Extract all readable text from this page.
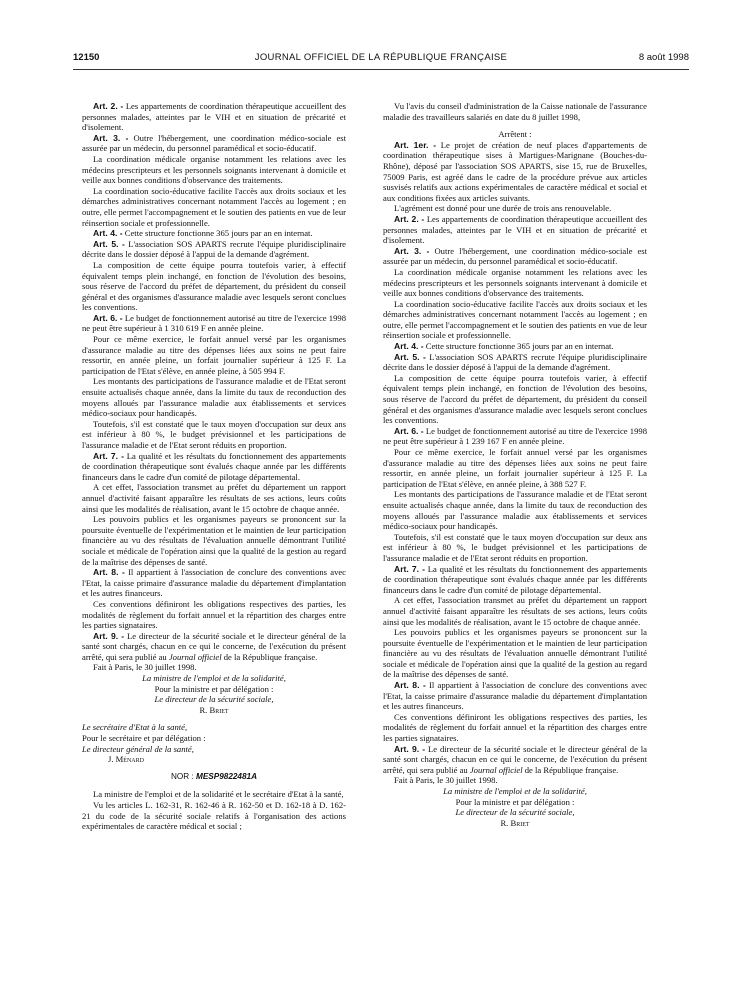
12150	JOURNAL OFFICIEL DE LA RÉPUBLIQUE FRANÇAISE	8 août 1998

Art. 2. - Les appartements de coordination thérapeutique accueillent des personnes malades, atteintes par le VIH et en situation de précarité et d'isolement.

Art. 3. - Outre l'hébergement, une coordination médico-sociale est assurée par un médecin, du personnel paramédical et socio-éducatif.

La coordination médicale organise notamment les relations avec les médecins prescripteurs et les personnels soignants intervenant à domicile et veille aux bonnes conditions d'observance des traitements.

La coordination socio-éducative facilite l'accès aux droits sociaux et les démarches administratives concernant notamment l'accès au logement ; en outre, elle permet l'accompagnement et le soutien des patients en vue de leur réinsertion sociale et professionnelle.

Art. 4. - Cette structure fonctionne 365 jours par an en internat.

Art. 5. - L'association SOS APARTS recrute l'équipe pluridisciplinaire décrite dans le dossier déposé à l'appui de la demande d'agrément.

La composition de cette équipe pourra toutefois varier, à effectif équivalent temps plein inchangé, en fonction de l'évolution des besoins, sous réserve de l'accord du préfet de département, du président du conseil général et des organismes d'assurance maladie avec lesquels seront conclues les conventions.

Art. 6. - Le budget de fonctionnement autorisé au titre de l'exercice 1998 ne peut être supérieur à 1 310 619 F en année pleine.

Pour ce même exercice, le forfait annuel versé par les organismes d'assurance maladie au titre des dépenses liées aux soins ne peut faire ressortir, en année pleine, un forfait journalier supérieur à 125 F. La participation de l'Etat s'élève, en année pleine, à 505 994 F.

Les montants des participations de l'assurance maladie et de l'Etat seront ensuite actualisés chaque année, dans la limite du taux de reconduction des moyens alloués par l'assurance maladie aux établissements et services médico-sociaux pour handicapés.

Toutefois, s'il est constaté que le taux moyen d'occupation sur deux ans est inférieur à 80 %, le budget prévisionnel et les participations de l'assurance maladie et de l'Etat seront réduits en proportion.

Art. 7. - La qualité et les résultats du fonctionnement des appartements de coordination thérapeutique sont évalués chaque année par les différents financeurs dans le cadre d'un comité de pilotage départemental.

A cet effet, l'association transmet au préfet du département un rapport annuel d'activité faisant apparaître les résultats de ses actions, leurs coûts ainsi que les modalités de réalisation, avant le 15 octobre de chaque année.

Les pouvoirs publics et les organismes payeurs se prononcent sur la poursuite éventuelle de l'expérimentation et le maintien de leur participation financière au vu des résultats de l'évaluation annuelle démontrant l'utilité sociale et médicale de l'opération ainsi que la qualité de la gestion au regard de la maîtrise des dépenses de santé.

Art. 8. - Il appartient à l'association de conclure des conventions avec l'Etat, la caisse primaire d'assurance maladie du département d'implantation et les autres financeurs.

Ces conventions définiront les obligations respectives des parties, les modalités de règlement du forfait annuel et la répartition des charges entre les parties signataires.

Art. 9. - Le directeur de la sécurité sociale et le directeur général de la santé sont chargés, chacun en ce qui le concerne, de l'exécution du présent arrêté, qui sera publié au Journal officiel de la République française.

Fait à Paris, le 30 juillet 1998.

La ministre de l'emploi et de la solidarité,

Pour la ministre et par délégation :

Le directeur de la sécurité sociale,

R. Briet

Le secrétaire d'Etat à la santé,

Pour le secrétaire et par délégation :

Le directeur général de la santé,

J. Ménard

NOR : MESP9822481A

La ministre de l'emploi et de la solidarité et le secrétaire d'Etat à la santé,

Vu les articles L. 162-31, R. 162-46 à R. 162-50 et D. 162-18 à D. 162-21 du code de la sécurité sociale relatifs à l'organisation des actions expérimentales de caractère médical et social ;

Vu l'avis du conseil d'administration de la Caisse nationale de l'assurance maladie des travailleurs salariés en date du 8 juillet 1998,

Arrêtent :

Art. 1er. - Le projet de création de neuf places d'appartements de coordination thérapeutique sises à Martigues-Marignane (Bouches-du-Rhône), déposé par l'association SOS APARTS, sise 15, rue de Bruxelles, 75009 Paris, est agréé dans le cadre de la procédure prévue aux articles susvisés relatifs aux actions expérimentales de caractère médical et social et aux conditions fixées aux articles suivants.

L'agrément est donné pour une durée de trois ans renouvelable.

Art. 2. - Les appartements de coordination thérapeutique accueillent des personnes malades, atteintes par le VIH et en situation de précarité et d'isolement.

Art. 3. - Outre l'hébergement, une coordination médico-sociale est assurée par un médecin, du personnel paramédical et socio-éducatif.

La coordination médicale organise notamment les relations avec les médecins prescripteurs et les personnels soignants intervenant à domicile et veille aux bonnes conditions d'observance des traitements.

La coordination socio-éducative facilite l'accès aux droits sociaux et les démarches administratives concernant notamment l'accès au logement ; en outre, elle permet l'accompagnement et le soutien des patients en vue de leur réinsertion sociale et professionnelle.

Art. 4. - Cette structure fonctionne 365 jours par an en internat.

Art. 5. - L'association SOS APARTS recrute l'équipe pluridisciplinaire décrite dans le dossier déposé à l'appui de la demande d'agrément.

La composition de cette équipe pourra toutefois varier, à effectif équivalent temps plein inchangé, en fonction de l'évolution des besoins, sous réserve de l'accord du préfet de département, du président du conseil général et des organismes d'assurance maladie avec lesquels seront conclues les conventions.

Art. 6. - Le budget de fonctionnement autorisé au titre de l'exercice 1998 ne peut être supérieur à 1 239 167 F en année pleine.

Pour ce même exercice, le forfait annuel versé par les organismes d'assurance maladie au titre des dépenses liées aux soins ne peut faire ressortir, en année pleine, un forfait journalier supérieur à 125 F. La participation de l'Etat s'élève, en année pleine, à 388 527 F.

Les montants des participations de l'assurance maladie et de l'Etat seront ensuite actualisés chaque année, dans la limite du taux de reconduction des moyens alloués par l'assurance maladie aux établissements et services médico-sociaux pour handicapés.

Toutefois, s'il est constaté que le taux moyen d'occupation sur deux ans est inférieur à 80 %, le budget prévisionnel et les participations de l'assurance maladie et de l'Etat seront réduits en proportion.

Art. 7. - La qualité et les résultats du fonctionnement des appartements de coordination thérapeutique sont évalués chaque année par les différents financeurs dans le cadre d'un comité de pilotage départemental.

A cet effet, l'association transmet au préfet du département un rapport annuel d'activité faisant apparaître les résultats de ses actions, leurs coûts ainsi que les modalités de réalisation, avant le 15 octobre de chaque année.

Les pouvoirs publics et les organismes payeurs se prononcent sur la poursuite éventuelle de l'expérimentation et le maintien de leur participation financière au vu des résultats de l'évaluation annuelle démontrant l'utilité sociale et médicale de l'opération ainsi que la qualité de la gestion au regard de la maîtrise des dépenses de santé.

Art. 8. - Il appartient à l'association de conclure des conventions avec l'Etat, la caisse primaire d'assurance maladie du département d'implantation et les autres financeurs.

Ces conventions définiront les obligations respectives des parties, les modalités de règlement du forfait annuel et la répartition des charges entre les parties signataires.

Art. 9. - Le directeur de la sécurité sociale et le directeur général de la santé sont chargés, chacun en ce qui le concerne, de l'exécution du présent arrêté, qui sera publié au Journal officiel de la République française.

Fait à Paris, le 30 juillet 1998.

La ministre de l'emploi et de la solidarité,

Pour la ministre et par délégation :

Le directeur de la sécurité sociale,

R. Briet
